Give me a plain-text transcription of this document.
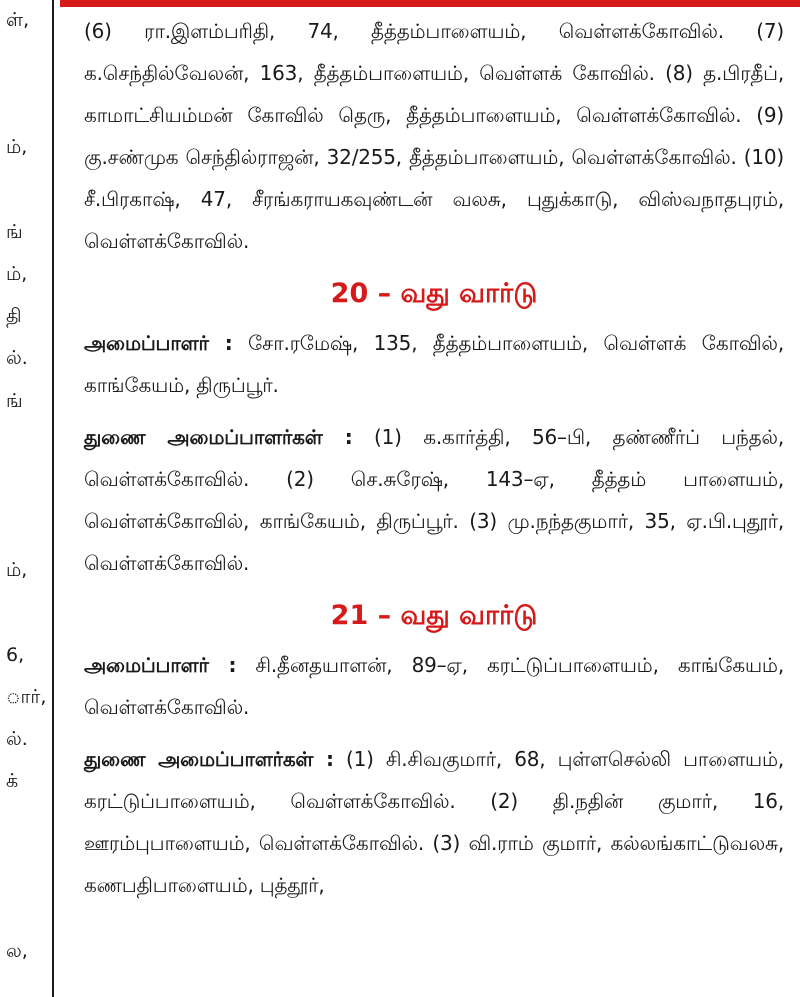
ள்,
ம்,
ங்
ம்,
தி
ல்.
ங்
ம்,
6,
ார்,
ல்.
க்
ல,

(6) ரா.இளம்பரிதி, 74, தீத்தம்பாளையம், வெள்ளக்கோவில். (7) க.செந்தில்வேலன், 163, தீத்தம்பாளையம், வெள்ளக் கோவில். (8) த.பிரதீப், காமாட்சியம்மன் கோவில் தெரு, தீத்தம்பாளையம், வெள்ளக்கோவில். (9) கு.சண்முக செந்தில்ராஜன், 32/255, தீத்தம்பாளையம், வெள்ளக்கோவில். (10) சீ.பிரகாஷ், 47, சீரங்கராயகவுண்டன் வலசு, புதுக்காடு, விஸ்வநாதபுரம், வெள்ளக்கோவில்.

20 – வது வார்டு

அமைப்பாளர் : சோ.ரமேஷ், 135, தீத்தம்பாளையம், வெள்ளக் கோவில், காங்கேயம், திருப்பூர்.

துணை அமைப்பாளர்கள் : (1) க.கார்த்தி, 56–பி, தண்ணீர்ப் பந்தல், வெள்ளக்கோவில். (2) செ.சுரேஷ், 143–ஏ, தீத்தம் பாளையம், வெள்ளக்கோவில், காங்கேயம், திருப்பூர். (3) மு.நந்தகுமார், 35, ஏ.பி.புதூர், வெள்ளக்கோவில்.

21 – வது வார்டு

அமைப்பாளர் : சி.தீனதயாளன், 89–ஏ, கரட்டுப்பாளையம், காங்கேயம், வெள்ளக்கோவில்.

துணை அமைப்பாளர்கள் : (1) சி.சிவகுமார், 68, புள்ளசெல்லி பாளையம், கரட்டுப்பாளையம், வெள்ளக்கோவில். (2) தி.நதின் குமார், 16, ஊரம்புபாளையம், வெள்ளக்கோவில். (3) வி.ராம் குமார், கல்லங்காட்டுவலசு, கணபதிபாளையம், புத்தூர்,
